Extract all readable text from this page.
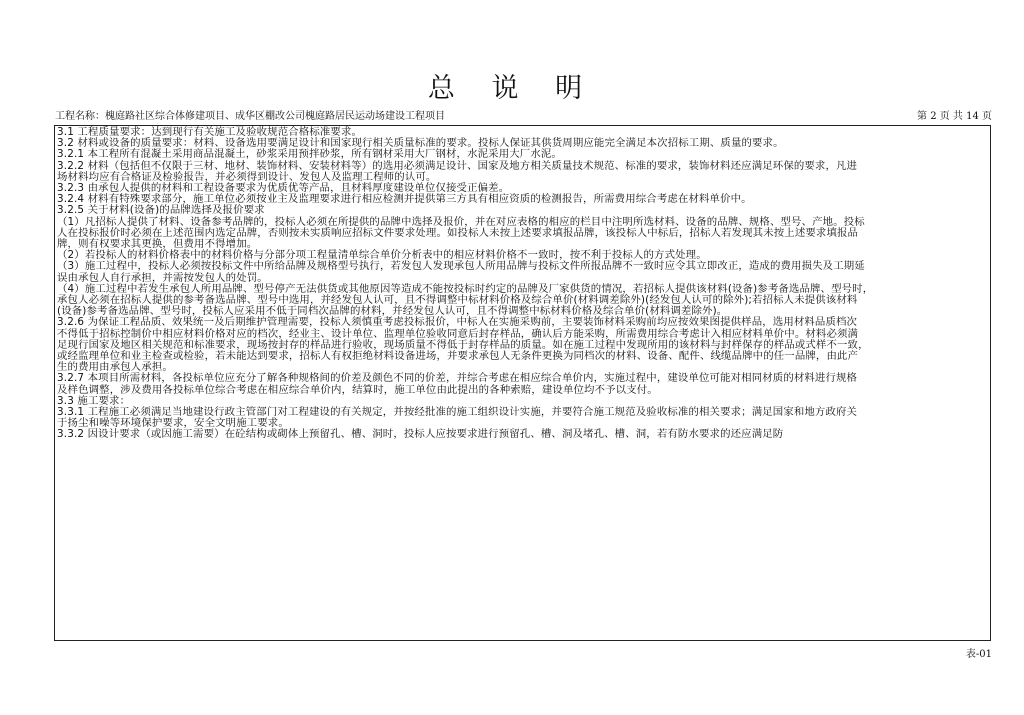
总 说 明
工程名称：槐庭路社区综合体修建项目、成华区棚改公司槐庭路居民运动场建设工程项目	第 2 页 共 14 页
3.1 工程质量要求：达到现行有关施工及验收规范合格标准要求。
3.2 材料或设备的质量要求：材料、设备选用要满足设计和国家现行相关质量标准的要求。投标人保证其供货周期应能完全满足本次招标工期、质量的要求。
3.2.1 本工程所有混凝土采用商品混凝土，砂浆采用预拌砂浆，所有钢材采用大厂钢材，水泥采用大厂水泥。
3.2.2 材料（包括但不仅限于三材、地材、装饰材料、安装材料等）的选用必须满足设计、国家及地方相关质量技术规范、标准的要求，装饰材料还应满足环保的要求，凡进
场材料均应有合格证及检验报告，并必须得到设计、发包人及监理工程师的认可。
3.2.3 由承包人提供的材料和工程设备要求为优质优等产品，且材料厚度建设单位仅接受正偏差。
3.2.4 材料有特殊要求部分，施工单位必须按业主及监理要求进行相应检测并提供第三方具有相应资质的检测报告，所需费用综合考虑在材料单价中。
3.2.5 关于材料(设备)的品牌选择及报价要求
（1）凡招标人提供了材料、设备参考品牌的，投标人必须在所提供的品牌中选择及报价，并在对应表格的相应的栏目中注明所选材料、设备的品牌、规格、型号、产地。投标
人在投标报价时必须在上述范围内选定品牌，否则按未实质响应招标文件要求处理。如投标人未按上述要求填报品牌，该投标人中标后，招标人若发现其未按上述要求填报品
牌，则有权要求其更换，但费用不得增加。
（2）若投标人的材料价格表中的材料价格与分部分项工程量清单综合单价分析表中的相应材料价格不一致时，按不利于投标人的方式处理。
（3）施工过程中，投标人必须按投标文件中所给品牌及规格型号执行，若发包人发现承包人所用品牌与投标文件所报品牌不一致时应令其立即改正，造成的费用损失及工期延
误由承包人自行承担，并需按发包人的处罚。
（4）施工过程中若发生承包人所用品牌、型号停产无法供货或其他原因等造成不能按投标时约定的品牌及厂家供货的情况，若招标人提供该材料(设备)参考备选品牌、型号时，
承包人必须在招标人提供的参考备选品牌、型号中选用，并经发包人认可，且不得调整中标材料价格及综合单价(材料调差除外)(经发包人认可的除外);若招标人未提供该材料
(设备)参考备选品牌、型号时，投标人应采用不低于同档次品牌的材料，并经发包人认可，且不得调整中标材料价格及综合单价(材料调差除外)。
3.2.6 为保证工程品质、效果统一及后期维护管理需要，投标人须慎重考虑投标报价，中标人在实施采购前，主要装饰材料采购前均应按效果图提供样品，选用材料品质档次
不得低于招标控制价中相应材料价格对应的档次，经业主、设计单位、监理单位验收同意后封存样品，确认后方能采购，所需费用综合考虑计入相应材料单价中。材料必须满
足现行国家及地区相关规范和标准要求，现场按封存的样品进行验收，现场质量不得低于封存样品的质量。如在施工过程中发现所用的该材料与封样保存的样品或式样不一致，
或经监理单位和业主检查或检验，若未能达到要求，招标人有权拒绝材料设备进场，并要求承包人无条件更换为同档次的材料、设备、配件、线缆品牌中的任一品牌，由此产
生的费用由承包人承担。
3.2.7 本项目所需材料，各投标单位应充分了解各种规格间的价差及颜色不同的价差，并综合考虑在相应综合单价内，实施过程中，建设单位可能对相同材质的材料进行规格
及样色调整，涉及费用各投标单位综合考虑在相应综合单价内，结算时，施工单位由此提出的各种索赔，建设单位均不予以支付。
3.3 施工要求：
3.3.1 工程施工必须满足当地建设行政主管部门对工程建设的有关规定，并按经批准的施工组织设计实施，并要符合施工规范及验收标准的相关要求；满足国家和地方政府关
于扬尘和噪等环境保护要求，安全文明施工要求。
3.3.2 因设计要求（或因施工需要）在砼结构或砌体上预留孔、槽、洞时，投标人应按要求进行预留孔、槽、洞及堵孔、槽、洞，若有防水要求的还应满足防
表-01
